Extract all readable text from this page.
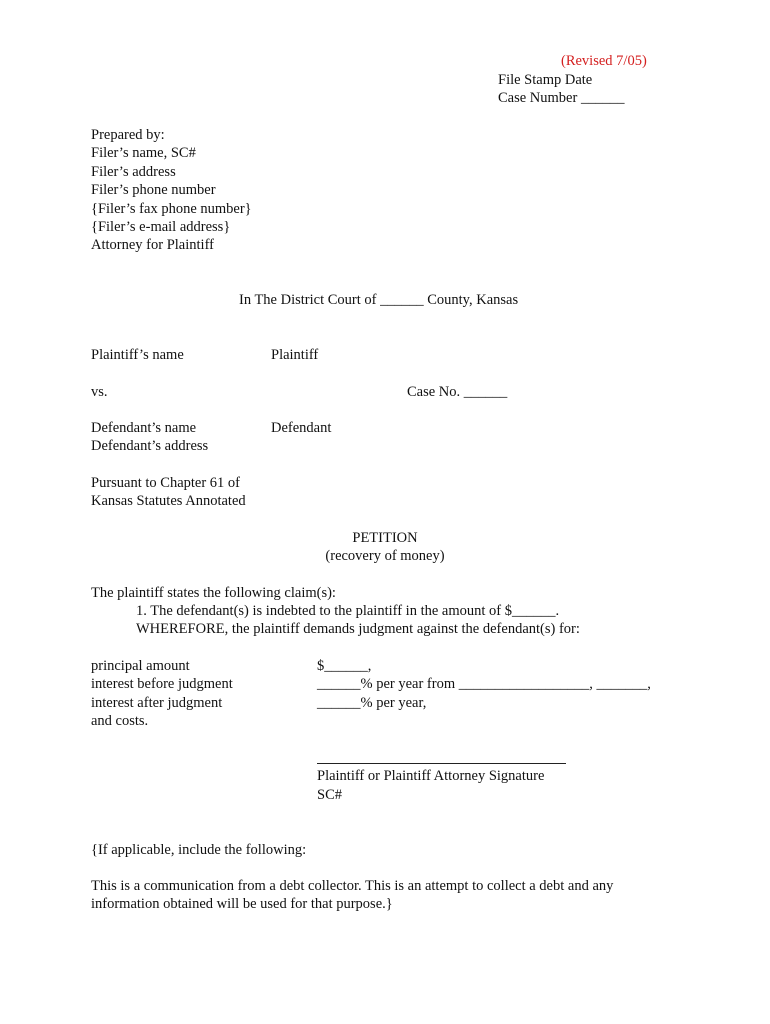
(Revised 7/05)
File Stamp Date
Case Number ______
Prepared by:
Filer’s name, SC#
Filer’s address
Filer’s phone number
{Filer’s fax phone number}
{Filer’s e-mail address}
Attorney for Plaintiff
In The District Court of ______ County, Kansas
Plaintiff’s name	Plaintiff
vs.	Case No. ______
Defendant’s name
Defendant’s address
Defendant
Pursuant to Chapter 61 of
Kansas Statutes Annotated
PETITION
(recovery of money)
The plaintiff states the following claim(s):
1. The defendant(s) is indebted to the plaintiff in the amount of $______.
WHEREFORE, the plaintiff demands judgment against the defendant(s) for:
principal amount
interest before judgment
interest after judgment
and costs.
$______,
______% per year from __________________, _______,
______% per year,
Plaintiff or Plaintiff Attorney Signature
SC#
{If applicable, include the following:
This is a communication from a debt collector. This is an attempt to collect a debt and any
information obtained will be used for that purpose.}
